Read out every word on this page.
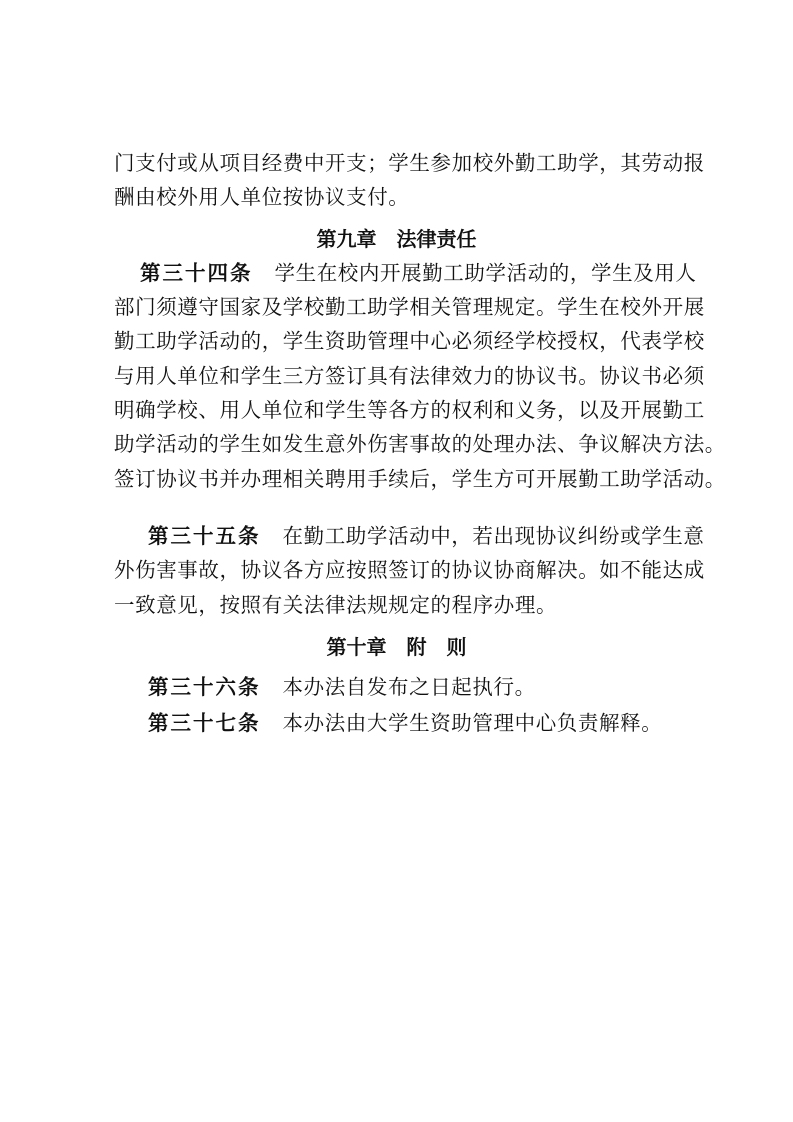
门支付或从项目经费中开支；学生参加校外勤工助学，其劳动报
酬由校外用人单位按协议支付。
第九章　法律责任
第三十四条 学生在校内开展勤工助学活动的，学生及用人
部门须遵守国家及学校勤工助学相关管理规定。学生在校外开展
勤工助学活动的，学生资助管理中心必须经学校授权，代表学校
与用人单位和学生三方签订具有法律效力的协议书。协议书必须
明确学校、用人单位和学生等各方的权利和义务，以及开展勤工
助学活动的学生如发生意外伤害事故的处理办法、争议解决方法。
签订协议书并办理相关聘用手续后，学生方可开展勤工助学活动。
第三十五条 在勤工助学活动中，若出现协议纠纷或学生意
外伤害事故，协议各方应按照签订的协议协商解决。如不能达成
一致意见，按照有关法律法规规定的程序办理。
第十章　附　则
第三十六条 本办法自发布之日起执行。
第三十七条 本办法由大学生资助管理中心负责解释。
